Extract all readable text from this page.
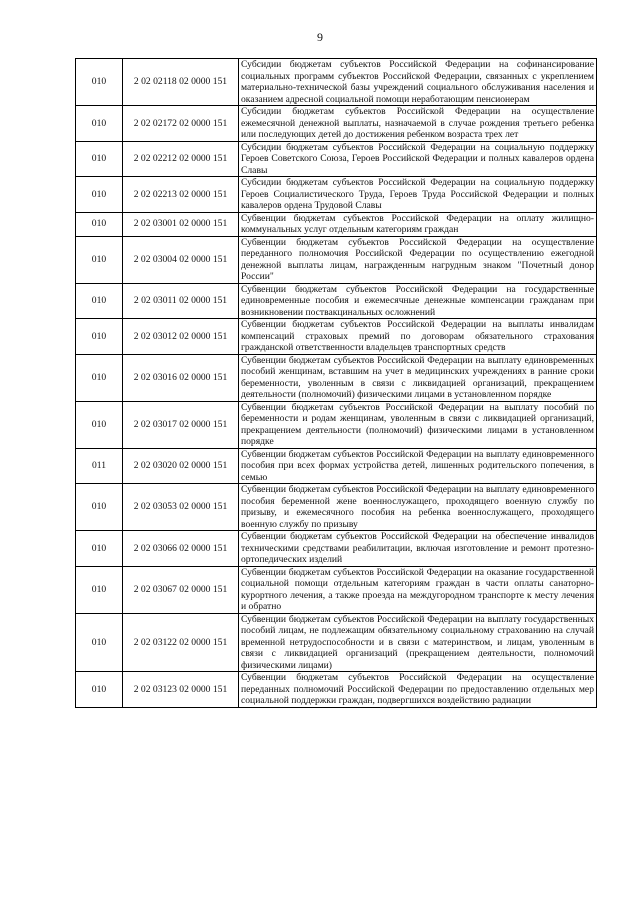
9
010	2 02 02118 02 0000 151	Субсидии бюджетам субъектов Российской Федерации на софинансирование социальных программ субъектов Российской Федерации, связанных с укреплением материально-технической базы учреждений социального обслуживания населения и оказанием адресной социальной помощи неработающим пенсионерам
010	2 02 02172 02 0000 151	Субсидии бюджетам субъектов Российской Федерации на осуществление ежемесячной денежной выплаты, назначаемой в случае рождения третьего ребенка или последующих детей до достижения ребенком возраста трех лет
010	2 02 02212 02 0000 151	Субсидии бюджетам субъектов Российской Федерации на социальную поддержку Героев Советского Союза, Героев Российской Федерации и полных кавалеров ордена Славы
010	2 02 02213 02 0000 151	Субсидии бюджетам субъектов Российской Федерации на социальную поддержку Героев Социалистического Труда, Героев Труда Российской Федерации и полных кавалеров ордена Трудовой Славы
010	2 02 03001 02 0000 151	Субвенции бюджетам субъектов Российской Федерации на оплату жилищно-коммунальных услуг отдельным категориям граждан
010	2 02 03004 02 0000 151	Субвенции бюджетам субъектов Российской Федерации на осуществление переданного полномочия Российской Федерации по осуществлению ежегодной денежной выплаты лицам, награжденным нагрудным знаком "Почетный донор России"
010	2 02 03011 02 0000 151	Субвенции бюджетам субъектов Российской Федерации на государственные единовременные пособия и ежемесячные денежные компенсации гражданам при возникновении поствакцинальных осложнений
010	2 02 03012 02 0000 151	Субвенции бюджетам субъектов Российской Федерации на выплаты инвалидам компенсаций страховых премий по договорам обязательного страхования гражданской ответственности владельцев транспортных средств
010	2 02 03016 02 0000 151	Субвенции бюджетам субъектов Российской Федерации на выплату единовременных пособий женщинам, вставшим на учет в медицинских учреждениях в ранние сроки беременности, уволенным в связи с ликвидацией организаций, прекращением деятельности (полномочий) физическими лицами в установленном порядке
010	2 02 03017 02 0000 151	Субвенции бюджетам субъектов Российской Федерации на выплату пособий по беременности и родам женщинам, уволенным в связи с ликвидацией организаций, прекращением деятельности (полномочий) физическими лицами в установленном порядке
011	2 02 03020 02 0000 151	Субвенции бюджетам субъектов Российской Федерации на выплату единовременного пособия при всех формах устройства детей, лишенных родительского попечения, в семью
010	2 02 03053 02 0000 151	Субвенции бюджетам субъектов Российской Федерации на выплату единовременного пособия беременной жене военнослужащего, проходящего военную службу по призыву, и ежемесячного пособия на ребенка военнослужащего, проходящего военную службу по призыву
010	2 02 03066 02 0000 151	Субвенции бюджетам субъектов Российской Федерации на обеспечение инвалидов техническими средствами реабилитации, включая изготовление и ремонт протезно-ортопедических изделий
010	2 02 03067 02 0000 151	Субвенции бюджетам субъектов Российской Федерации на оказание государственной социальной помощи отдельным категориям граждан в части оплаты санаторно-курортного лечения, а также проезда на междугородном транспорте к месту лечения и обратно
010	2 02 03122 02 0000 151	Субвенции бюджетам субъектов Российской Федерации на выплату государственных пособий лицам, не подлежащим обязательному социальному страхованию на случай временной нетрудоспособности и в связи с материнством, и лицам, уволенным в связи с ликвидацией организаций (прекращением деятельности, полномочий физическими лицами)
010	2 02 03123 02 0000 151	Субвенции бюджетам субъектов Российской Федерации на осуществление переданных полномочий Российской Федерации по предоставлению отдельных мер социальной поддержки граждан, подвергшихся воздействию радиации
